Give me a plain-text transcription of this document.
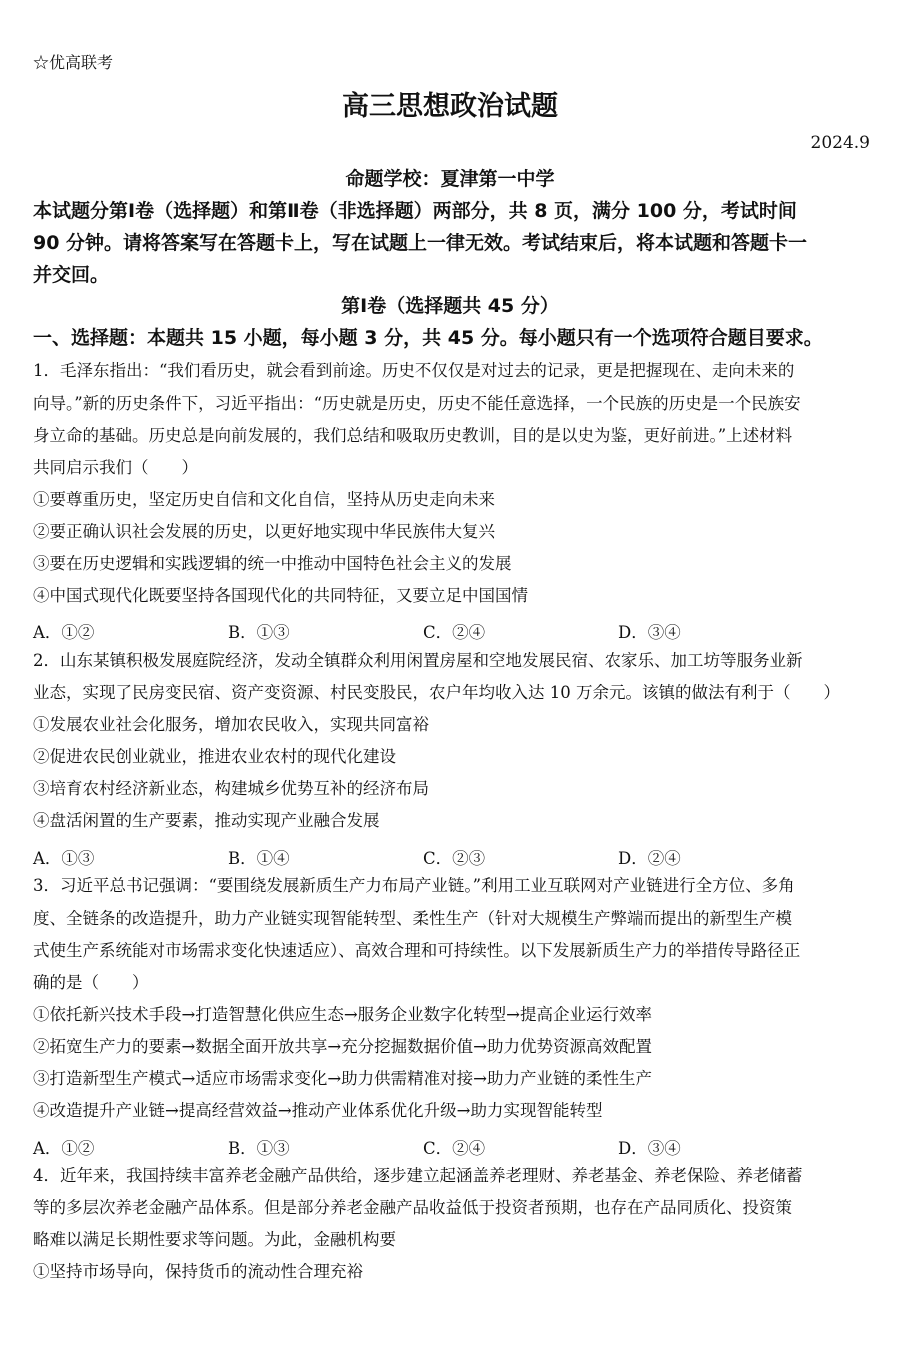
☆优高联考
高三思想政治试题
2024.9
命题学校：夏津第一中学
本试题分第Ⅰ卷（选择题）和第Ⅱ卷（非选择题）两部分，共 8 页，满分 100 分，考试时间
90 分钟。请将答案写在答题卡上，写在试题上一律无效。考试结束后，将本试题和答题卡一
并交回。
第Ⅰ卷（选择题共 45 分）
一、选择题：本题共 15 小题，每小题 3 分，共 45 分。每小题只有一个选项符合题目要求。
1．毛泽东指出：“我们看历史，就会看到前途。历史不仅仅是对过去的记录，更是把握现在、走向未来的
向导。”新的历史条件下，习近平指出：“历史就是历史，历史不能任意选择，一个民族的历史是一个民族安
身立命的基础。历史总是向前发展的，我们总结和吸取历史教训，目的是以史为鉴，更好前进。”上述材料
共同启示我们（　　）
①要尊重历史，坚定历史自信和文化自信，坚持从历史走向未来
②要正确认识社会发展的历史，以更好地实现中华民族伟大复兴
③要在历史逻辑和实践逻辑的统一中推动中国特色社会主义的发展
④中国式现代化既要坚持各国现代化的共同特征，又要立足中国国情
A．①②	B．①③	C．②④	D．③④
2．山东某镇积极发展庭院经济，发动全镇群众利用闲置房屋和空地发展民宿、农家乐、加工坊等服务业新
业态，实现了民房变民宿、资产变资源、村民变股民，农户年均收入达 10 万余元。该镇的做法有利于（　　）
①发展农业社会化服务，增加农民收入，实现共同富裕
②促进农民创业就业，推进农业农村的现代化建设
③培育农村经济新业态，构建城乡优势互补的经济布局
④盘活闲置的生产要素，推动实现产业融合发展
A．①③	B．①④	C．②③	D．②④
3．习近平总书记强调：“要围绕发展新质生产力布局产业链。”利用工业互联网对产业链进行全方位、多角
度、全链条的改造提升，助力产业链实现智能转型、柔性生产（针对大规模生产弊端而提出的新型生产模
式使生产系统能对市场需求变化快速适应）、高效合理和可持续性。以下发展新质生产力的举措传导路径正
确的是（　　）
①依托新兴技术手段→打造智慧化供应生态→服务企业数字化转型→提高企业运行效率
②拓宽生产力的要素→数据全面开放共享→充分挖掘数据价值→助力优势资源高效配置
③打造新型生产模式→适应市场需求变化→助力供需精准对接→助力产业链的柔性生产
④改造提升产业链→提高经营效益→推动产业体系优化升级→助力实现智能转型
A．①②	B．①③	C．②④	D．③④
4．近年来，我国持续丰富养老金融产品供给，逐步建立起涵盖养老理财、养老基金、养老保险、养老储蓄
等的多层次养老金融产品体系。但是部分养老金融产品收益低于投资者预期，也存在产品同质化、投资策
略难以满足长期性要求等问题。为此，金融机构要
①坚持市场导向，保持货币的流动性合理充裕
